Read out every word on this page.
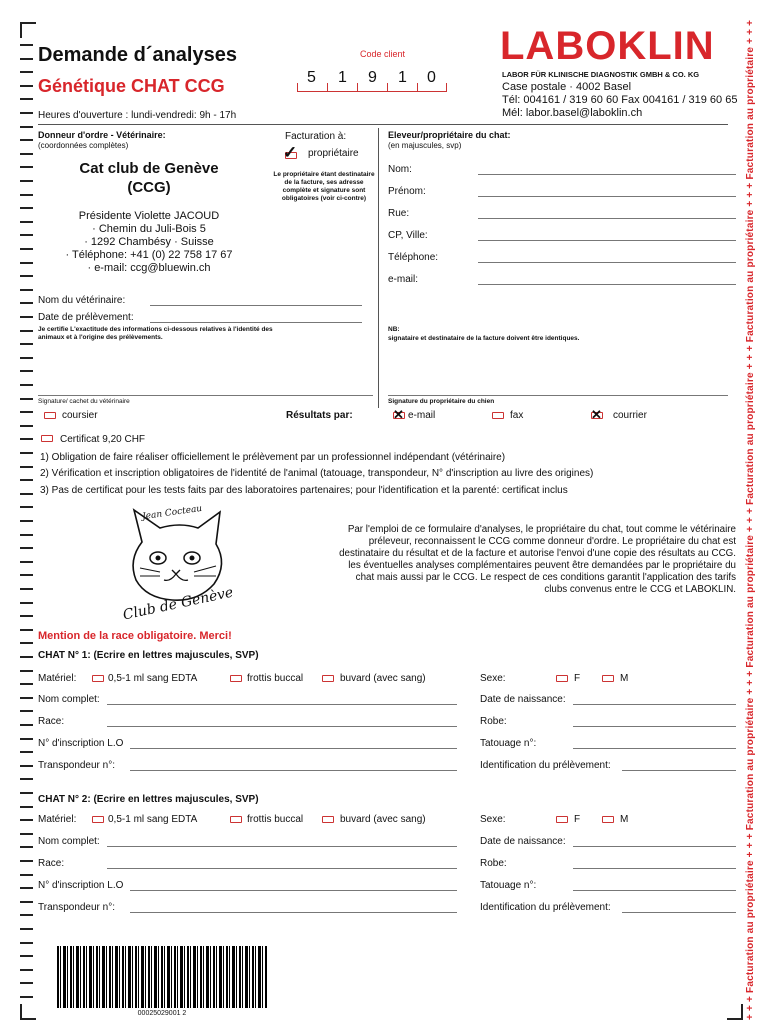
+ + + Facturation au propriétaire + + + Facturation au propriétaire + + + Facturation au propriétaire + + + Facturation au propriétaire + + + Facturation au propriétaire + + + Facturation au propriétaire + + +
Demande d´analyses
Génétique CHAT CCG
Heures d'ouverture : lundi-vendredi: 9h - 17h
Code client
5 1 9 1 0
LABOKLIN
LABOR FÜR KLINISCHE DIAGNOSTIK GMBH & CO. KG
Case postale · 4002 Basel
Tél: 004161 / 319 60 60 Fax 004161 / 319 60 65
Mél: labor.basel@laboklin.ch
Donneur d'ordre - Vétérinaire:
(coordonnées complètes)
Cat club de Genève
(CCG)
Présidente Violette JACOUD
· Chemin du Juli-Bois 5
· 1292 Chambésy · Suisse
· Téléphone: +41 (0) 22 758 17 67
· e-mail: ccg@bluewin.ch
Facturation à:
✓ propriétaire
Le propriétaire étant destinataire de la facture, ses adresse complète et signature sont obligatoires (voir ci-contre)
Nom du vétérinaire:
Date de prélèvement:
Je certifie L'exactitude des informations ci-dessous relatives à l'identité des animaux et à l'origine des prélèvements.
Signature/ cachet du vétérinaire
Eleveur/propriétaire du chat:
(en majuscules, svp)
Nom:
Prénom:
Rue:
CP, Ville:
Téléphone:
e-mail:
NB:
signataire et destinataire de la facture doivent être identiques.
Signature du propriétaire du chien
coursier	Résultats par:	✕ e-mail	fax	✕ courrier
Certificat 9,20 CHF
1) Obligation de faire réaliser officiellement le prélèvement par un professionnel indépendant (vétérinaire)
2) Vérification et inscription obligatoires de l'identité de l'animal (tatouage, transpondeur, N° d'inscription au livre des origines)
3) Pas de certificat pour les tests faits par des laboratoires partenaires; pour l'identification et la parenté: certificat inclus
Jean Cocteau
Club de Genève
Par l'emploi de ce formulaire d'analyses, le propriétaire du chat, tout comme le vétérinaire
préleveur, reconnaissent le CCG comme donneur d'ordre. Le propriétaire du chat est
destinataire du résultat et de la facture et autorise l'envoi d'une copie des résultats au CCG.
les éventuelles analyses complémentaires peuvent être demandées par le propriétaire du
chat mais aussi par le CCG. Le respect de ces conditions garantit l'application des tarifs
clubs convenus entre le CCG et LABOKLIN.
Mention de la race obligatoire. Merci!
CHAT N° 1: (Ecrire en lettres majuscules, SVP)
Matériel:	0,5-1 ml sang EDTA	frottis buccal	buvard (avec sang)	Sexe:	F	M
Nom complet:
Race:
N° d'inscription L.O
Transpondeur n°:
Date de naissance:
Robe:
Tatouage n°:
Identification du prélèvement:
CHAT N° 2: (Ecrire en lettres majuscules, SVP)
Matériel:	0,5-1 ml sang EDTA	frottis buccal	buvard (avec sang)	Sexe:	F	M
Nom complet:
Race:
N° d'inscription L.O
Transpondeur n°:
Date de naissance:
Robe:
Tatouage n°:
Identification du prélèvement:
00025029001 2
